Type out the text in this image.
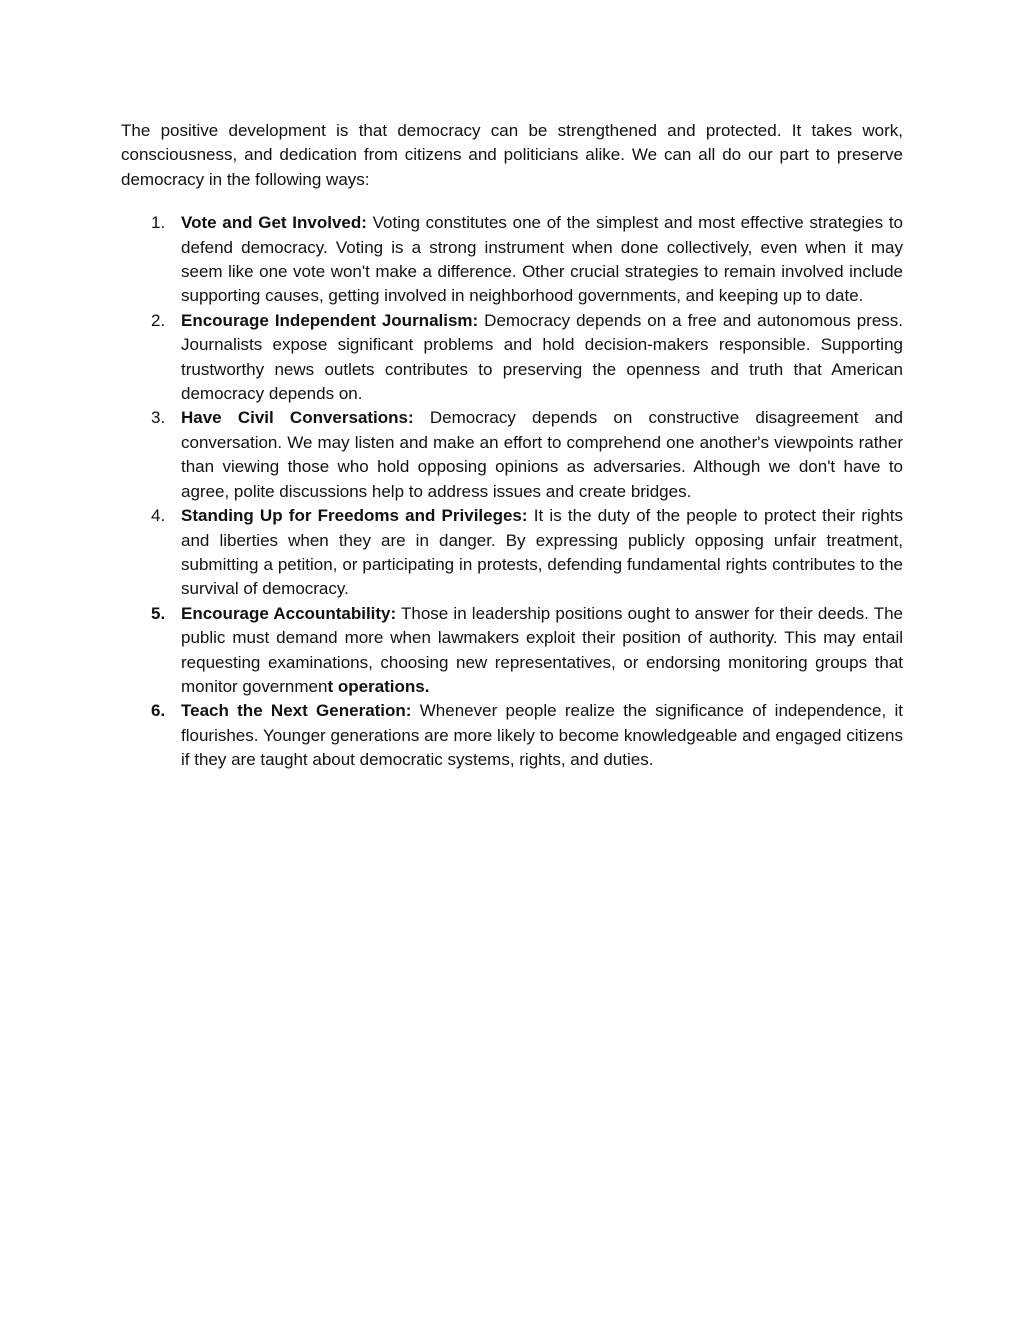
The positive development is that democracy can be strengthened and protected. It takes work, consciousness, and dedication from citizens and politicians alike. We can all do our part to preserve democracy in the following ways:

1. Vote and Get Involved: Voting constitutes one of the simplest and most effective strategies to defend democracy. Voting is a strong instrument when done collectively, even when it may seem like one vote won't make a difference. Other crucial strategies to remain involved include supporting causes, getting involved in neighborhood governments, and keeping up to date.
2. Encourage Independent Journalism: Democracy depends on a free and autonomous press. Journalists expose significant problems and hold decision-makers responsible. Supporting trustworthy news outlets contributes to preserving the openness and truth that American democracy depends on.
3. Have Civil Conversations: Democracy depends on constructive disagreement and conversation. We may listen and make an effort to comprehend one another's viewpoints rather than viewing those who hold opposing opinions as adversaries. Although we don't have to agree, polite discussions help to address issues and create bridges.
4. Standing Up for Freedoms and Privileges: It is the duty of the people to protect their rights and liberties when they are in danger. By expressing publicly opposing unfair treatment, submitting a petition, or participating in protests, defending fundamental rights contributes to the survival of democracy.
5. Encourage Accountability: Those in leadership positions ought to answer for their deeds. The public must demand more when lawmakers exploit their position of authority. This may entail requesting examinations, choosing new representatives, or endorsing monitoring groups that monitor government operations.
6. Teach the Next Generation: Whenever people realize the significance of independence, it flourishes. Younger generations are more likely to become knowledgeable and engaged citizens if they are taught about democratic systems, rights, and duties.
